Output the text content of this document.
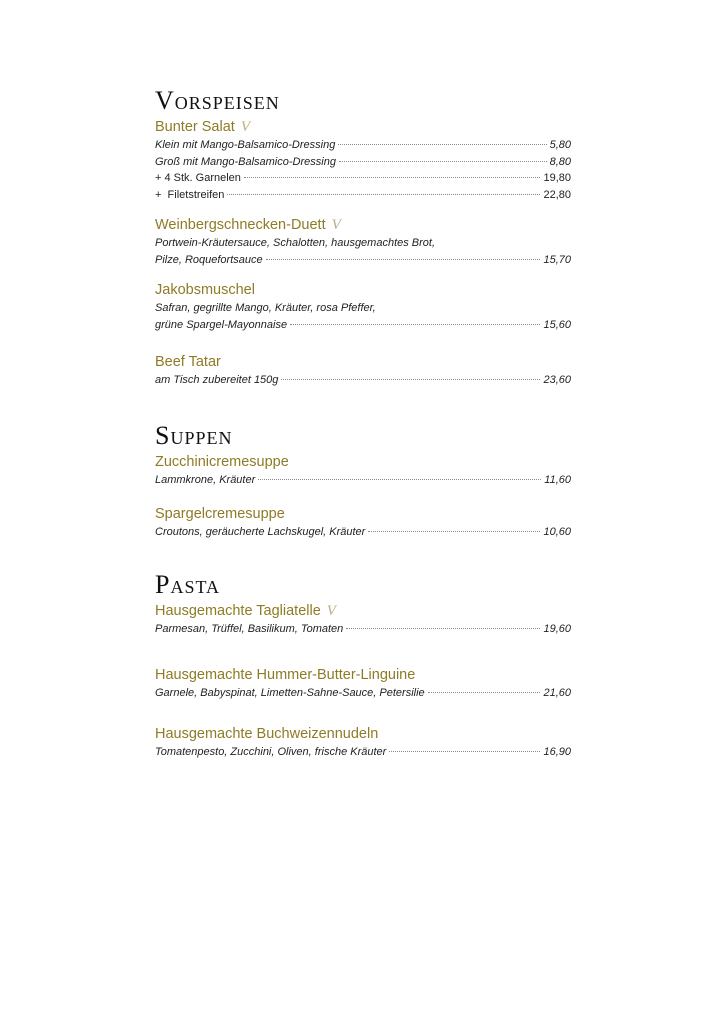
Vorspeisen
Bunter Salat V
Klein mit Mango-Balsamico-Dressing	5,80
Groß mit Mango-Balsamico-Dressing	8,80
+ 4 Stk. Garnelen	19,80
+  Filetstreifen	22,80
Weinbergschnecken-Duett V
Portwein-Kräutersauce, Schalotten, hausgemachtes Brot,
Pilze, Roquefortsauce	15,70
Jakobsmuschel
Safran, gegrillte Mango, Kräuter, rosa Pfeffer,
grüne Spargel-Mayonnaise	15,60
Beef Tatar
am Tisch zubereitet 150g	23,60
Suppen
Zucchinicremesuppe
Lammkrone, Kräuter	11,60
Spargelcremesuppe
Croutons, geräucherte Lachskugel, Kräuter	10,60
Pasta
Hausgemachte Tagliatelle V
Parmesan, Trüffel, Basilikum, Tomaten	19,60
Hausgemachte Hummer-Butter-Linguine
Garnele, Babyspinat, Limetten-Sahne-Sauce, Petersilie	21,60
Hausgemachte Buchweizennudeln
Tomatenpesto, Zucchini, Oliven, frische Kräuter	16,90
